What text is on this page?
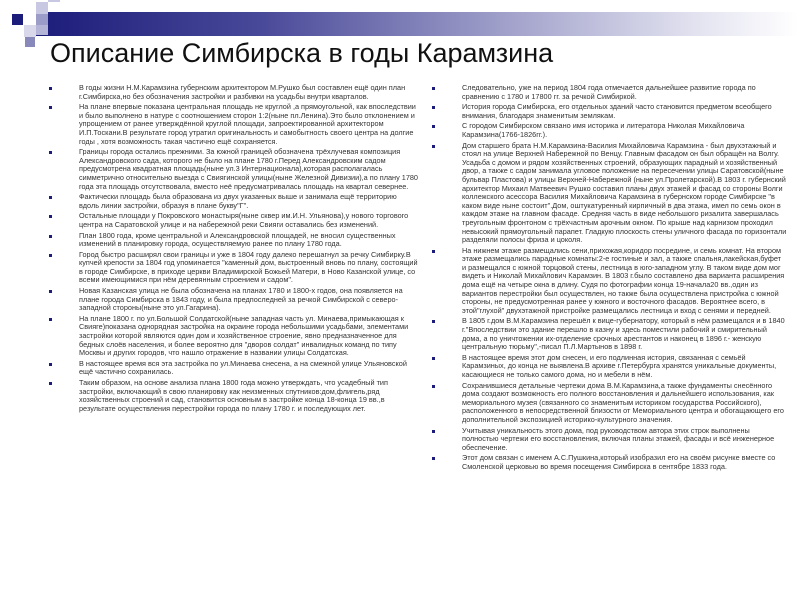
Описание Симбирска в годы Карамзина
В годы жизни Н.М.Карамзина губернским архитектором М.Рушко был составлен ещё один план г.Симбирска,но без обозначения застройки и разбивки на усадьбы внутри кварталов.
На плане впервые показана центральная площадь не круглой ,а прямоугольной, как впоследствии и было выполнено в натуре с соотношением сторон 1:2(ныне пл.Ленина).Это было отклонением и упрощением от ранее утверждённой круглой площади, запроектированной архитектором И.П.Тоскани.В результате город утратил оригинальность и самобытность своего центра на долгие годы , хотя возможность такая частично ещё сохраняется.
Границы города остались прежними. За южной границей обозначена трёхлучевая композиция Александровского сада, которого не было на плане 1780 г.Перед Александровским садом предусмотрена квадратная площадь(ныне ул.3 Интернационала),которая располагалась симметрично относительно выезда с Свиягинской улицы(ныне Железной Дивизии),а по плану 1780 года эта площадь отсутствовала, вместо неё предусматривалась площадь на квартал севернее.
Фактически площадь была образована из двух указанных выше и занимала ещё территорию вдоль линии застройки, образуя в плане букву"Г".
Остальные площади у Покровского монастыря(ныне сквер им.И.Н. Ульянова),у нового торгового центра на Саратовской улице и на набережной реки Свияги оставались без изменений.
План 1800 года, кроме центральной и Александровской площадей, не вносил существенных изменений в планировку города, осуществляемую ранее по плану 1780 года.
Город быстро расширял свои границы и уже в 1804 году далеко перешагнул за речку Симбирку.В купчей крепости за 1804 год упоминается "каменный дом, выстроенный вновь по плану, состоящий в городе Симбирске, в приходе церкви Владимирской Божьей Матери, в Ново Казанской улице, со всеми имеющимися при нём деревянным строением и садом".
Новая Казанская улица не была обозначена на планах 1780 и 1800-х годов, она появляется на плане города Симбирска в 1843 году, и была предпоследней за речкой Симбирской с северо-западной стороны(ныне это ул.Гагарина).
На плане 1800 г. по ул.Большой Солдатской(ныне западная часть ул. Минаева,примыкающая к Свияге)показана однорядная застройка на окраине города небольшими усадьбами, элементами застройки которой являются один дом и хозяйственное строение, явно предназначенное для бедных слоёв населения, и более вероятно для "дворов солдат" инвалидных команд по типу Москвы и других городов, что нашло отражение в названии улицы Солдатская.
В настоящее время вся эта застройка по ул.Минаева снесена, а на смежной улице Ульяновской ещё частично сохранилась.
Таким образом, на основе анализа плана 1800 года можно утверждать, что усадебный тип застройки, включающий в свою планировку как неизменных спутников:дом,флигель,ряд хозяйственных строений и сад, становится основным в застройке конца 18-конца 19 вв.,в результате осуществления перестройки города по плану 1780 г. и последующих лет.
Следовательно, уже на период 1804 года отмечается дальнейшее развитие города по сравнению с 1780 и 17800 гг. за речкой Симбиркой.
История города Симбирска, его отдельных зданий часто становится предметом всеобщего внимания, благодаря знаменитым землякам.
С городом Симбирском связано имя историка и литератора Николая Михайловича Карамзина(1766-1826гг.).
Дом старшего брата Н.М.Карамзина-Василия Михайловича Карамзина - был двухэтажный и стоял на улице Верхней Набережной по Венцу. Главным фасадом он был обращён на Волгу. Усадьба с домом и рядом хозяйственных строений, образующих парадный и хозяйственный двор, а также с садом занимала угловое положение на пересечении улицы Саратовской(ныне бульвар Пластова) и улицы Верхней-Набережной (ныне ул.Пролетарской).В 1803 г. губернский архитектор Михаил Матвеевич Рушко составил планы двух этажей и фасад со стороны Волги коллежского асессора Василия Михайловича Карамзина в губернском городе Симбирске "в каком виде ныне состоит".Дом, оштукатуренный кирпичный в два этажа, имел по семь окон в каждом этаже на главном фасаде. Средняя часть в виде небольшого ризалита завершалась треугольным фронтоном с трёхчастным арочным окном. По крыше над карнизом проходил невысокий прямоугольный парапет. Гладкую плоскость стены уличного фасада по горизонтали разделяли полосы фриза и цоколя.
На нижнем этаже размещались сени,прихожая,коридор посредине, и семь комнат. На втором этаже размещались парадные комнаты:2-е гостиные и зал, а также спальня,лакейская,буфет и размещался с южной торцовой стены, лестница в юго-западном углу. В таком виде дом мог видеть и Николай Михайлович Карамзин. В 1803 г.было составлено два варианта расширения дома ещё на четыре окна в длину. Судя по фотографии конца 19-начала20 вв.,один из вариантов перестройки был осуществлен, но также была осуществлена пристройка с южной стороны, не предусмотренная ранее у южного и восточного фасадов. Вероятнее всего, в этой"глухой" двухэтажной пристройке размещались лестница и вход с сенями и передней.
В 1805 г.дом В.М.Карамзина перешёл к вице-губернатору, который в нём размещался и в 1840 г."Впоследствии это здание перешло в казну и здесь поместили рабочий и смирительный дома, а по уничтожении их-отделение срочных арестантов и наконец в 1896 г.- женскую центральную тюрьму",-писал П.Л.Мартынов в 1898 г.
В настоящее время этот дом снесен, и его подлинная история, связанная с семьёй Карамзиных, до конца не выявлена.В архиве г.Петербурга хранятся уникальные документы, касающиеся не только самого дома, но и мебели в нём.
Сохранившиеся детальные чертежи дома В.М.Карамзина,а также фундаменты снесённого дома создают возможность его полного восстановления и дальнейшего использования, как мемориального музея (связанного со знаменитым историком государства Российского), расположенного в непосредственной близости от Мемориального центра и обогащающего его дополнительной экспозицией историко-культурного значения.
Учитывая уникальность этого дома, под руководством автора этих строк выполнены полностью чертежи его восстановления, включая планы этажей, фасады и всё инженерное обеспечение.
Этот дом связан с именем А.С.Пушкина,который изобразил его на своём рисунке вместе со Смоленской церковью во время посещения Симбирска в сентябре 1833 года.
